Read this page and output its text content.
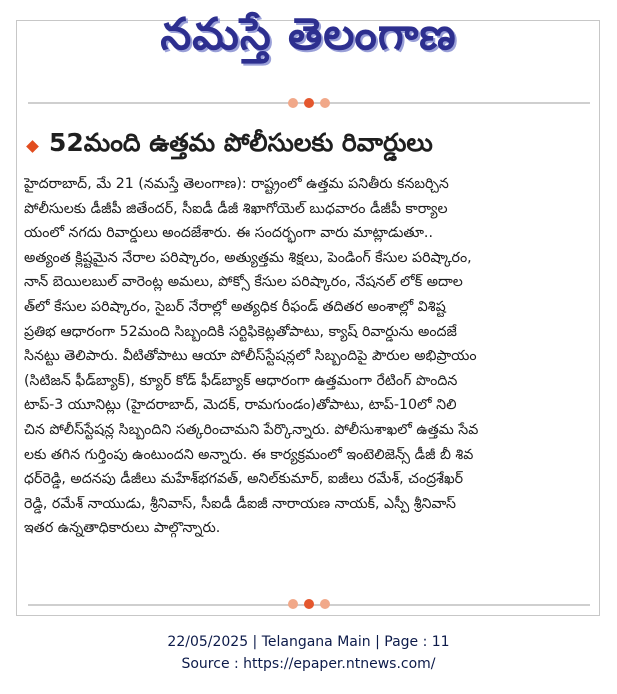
నమస్తే తెలంగాణ
52మంది ఉత్తమ పోలీసులకు రివార్డులు
హైదరాబాద్, మే 21 (నమస్తే తెలంగాణ): రాష్ట్రంలో ఉత్తమ పనితీరు కనబర్చిన
పోలీసులకు డీజీపీ జితేందర్, సీఐడీ డీజీ శిఖాగోయెల్ బుధవారం డీజీపీ కార్యాల
యంలో నగదు రివార్డులు అందజేశారు. ఈ సందర్భంగా వారు మాట్లాడుతూ..
అత్యంత క్లిష్టమైన నేరాల పరిష్కారం, అత్యుత్తమ శిక్షలు, పెండింగ్ కేసుల పరిష్కారం,
నాన్ బెయిలబుల్ వారెంట్ల అమలు, పోక్సో కేసుల పరిష్కారం, నేషనల్ లోక్ అదాల
త్‌లో కేసుల పరిష్కారం, సైబర్ నేరాల్లో అత్యధిక రీఫండ్ తదితర అంశాల్లో విశిష్ట
ప్రతిభ ఆధారంగా 52మంది సిబ్బందికి సర్టిఫికెట్లతోపాటు, క్యాష్ రివార్డును అందజే
సినట్టు తెలిపారు. వీటితోపాటు ఆయా పోలీస్‌స్టేషన్లలో సిబ్బందిపై పౌరుల అభిప్రాయం
(సిటిజన్ ఫీడ్‌బ్యాక్), క్యూర్ కోడ్ ఫీడ్‌బ్యాక్ ఆధారంగా ఉత్తమంగా రేటింగ్ పొందిన
టాప్-3 యూనిట్లు (హైదరాబాద్, మెదక్, రామగుండం)తోపాటు, టాప్-10లో నిలి
చిన పోలీస్‌స్టేషన్ల సిబ్బందిని సత్కరించామని పేర్కొన్నారు. పోలీసుశాఖలో ఉత్తమ సేవ
లకు తగిన గుర్తింపు ఉంటుందని అన్నారు. ఈ కార్యక్రమంలో ఇంటెలిజెన్స్ డీజీ బీ శివ
ధర్‌రెడ్డి, అదనపు డీజీలు మహేశ్‌భగవత్, అనిల్‌కుమార్, ఐజీలు రమేశ్, చంద్రశేఖర్
రెడ్డి, రమేశ్ నాయుడు, శ్రీనివాస్, సీఐడీ డీఐజీ నారాయణ నాయక్, ఎస్పీ శ్రీనివాస్
ఇతర ఉన్నతాధికారులు పాల్గొన్నారు.
22/05/2025 | Telangana Main | Page : 11
Source : https://epaper.ntnews.com/
